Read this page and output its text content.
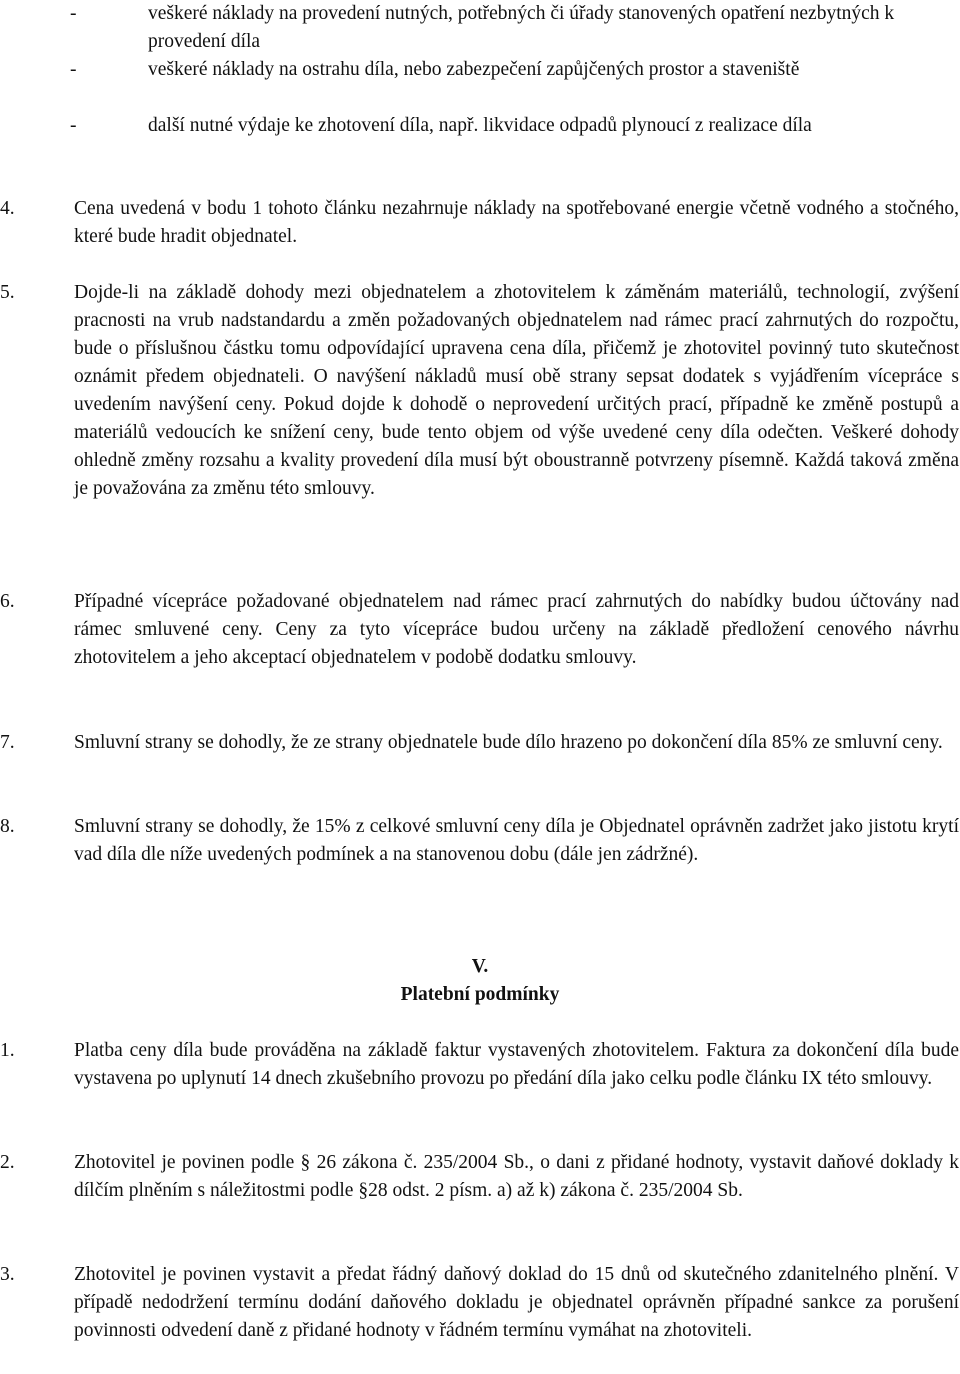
-	veškeré náklady na provedení nutných, potřebných či úřady stanovených opatření nezbytných k provedení díla
-	veškeré náklady na ostrahu díla, nebo zabezpečení zapůjčených prostor a staveniště
-	další nutné výdaje ke zhotovení díla, např. likvidace odpadů plynoucí z realizace díla
4.	Cena uvedená v bodu 1 tohoto článku nezahrnuje náklady na spotřebované energie včetně vodného a stočného, které bude hradit objednatel.
5.	Dojde-li na základě dohody mezi objednatelem a zhotovitelem k záměnám materiálů, technologií, zvýšení pracnosti na vrub nadstandardu a změn požadovaných objednatelem nad rámec prací zahrnutých do rozpočtu, bude o příslušnou částku tomu odpovídající upravena cena díla, přičemž je zhotovitel povinný tuto skutečnost oznámit předem objednateli. O navýšení nákladů musí obě strany sepsat dodatek s vyjádřením vícepráce s uvedením navýšení ceny. Pokud dojde k dohodě o neprovedení určitých prací, případně ke změně postupů a materiálů vedoucích ke snížení ceny, bude tento objem od výše uvedené ceny díla odečten. Veškeré dohody ohledně změny rozsahu a kvality provedení díla musí být oboustranně potvrzeny písemně. Každá taková změna je považována za změnu této smlouvy.
6.	Případné vícepráce požadované objednatelem nad rámec prací zahrnutých do nabídky budou účtovány nad rámec smluvené ceny. Ceny za tyto vícepráce budou určeny na základě předložení cenového návrhu zhotovitelem a jeho akceptací objednatelem v podobě dodatku smlouvy.
7.	Smluvní strany se dohodly, že ze strany objednatele bude dílo hrazeno po dokončení díla 85% ze smluvní ceny.
8.	Smluvní strany se dohodly, že 15% z celkové smluvní ceny díla je Objednatel oprávněn zadržet jako jistotu krytí vad díla dle níže uvedených podmínek a na stanovenou dobu (dále jen zádržné).
V.
Platební podmínky
1.	Platba ceny díla bude prováděna na základě faktur vystavených zhotovitelem. Faktura za dokončení díla bude vystavena po uplynutí 14 dnech zkušebního provozu po předání díla jako celku podle článku IX této smlouvy.
2.	Zhotovitel je povinen podle § 26 zákona č. 235/2004 Sb., o dani z přidané hodnoty, vystavit daňové doklady k dílčím plněním s náležitostmi podle §28 odst. 2 písm. a) až k) zákona č. 235/2004 Sb.
3.	Zhotovitel je povinen vystavit a předat řádný daňový doklad do 15 dnů od skutečného zdanitelného plnění. V případě nedodržení termínu dodání daňového dokladu je objednatel oprávněn případné sankce za porušení povinnosti odvedení daně z přidané hodnoty v řádném termínu vymáhat na zhotoviteli.
